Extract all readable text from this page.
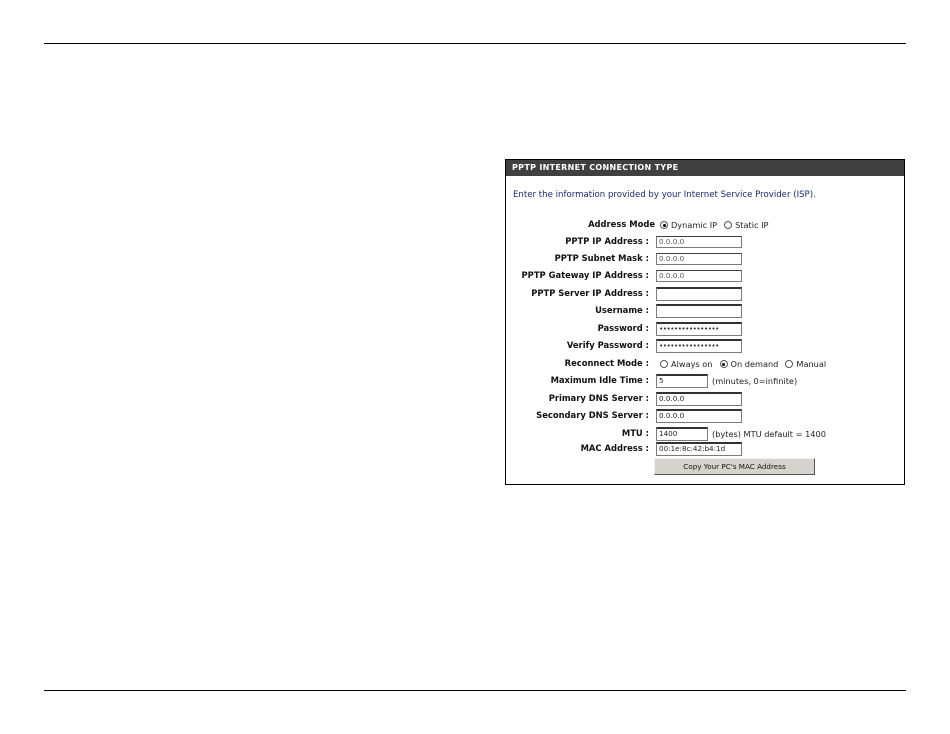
PPTP INTERNET CONNECTION TYPE
Enter the information provided by your Internet Service Provider (ISP).
Address Mode Dynamic IP Static IP
PPTP IP Address :	0.0.0.0
PPTP Subnet Mask :	0.0.0.0
PPTP Gateway IP Address :	0.0.0.0
PPTP Server IP Address :
Username :
Password :	••••••••••••••••
Verify Password :	••••••••••••••••
Reconnect Mode :	Always on On demand Manual
Maximum Idle Time :	5	(minutes, 0=infinite)
Primary DNS Server :	0.0.0.0
Secondary DNS Server :	0.0.0.0
MTU :	1400	(bytes) MTU default = 1400
MAC Address :	00:1e:8c:42:b4:1d
Copy Your PC's MAC Address
